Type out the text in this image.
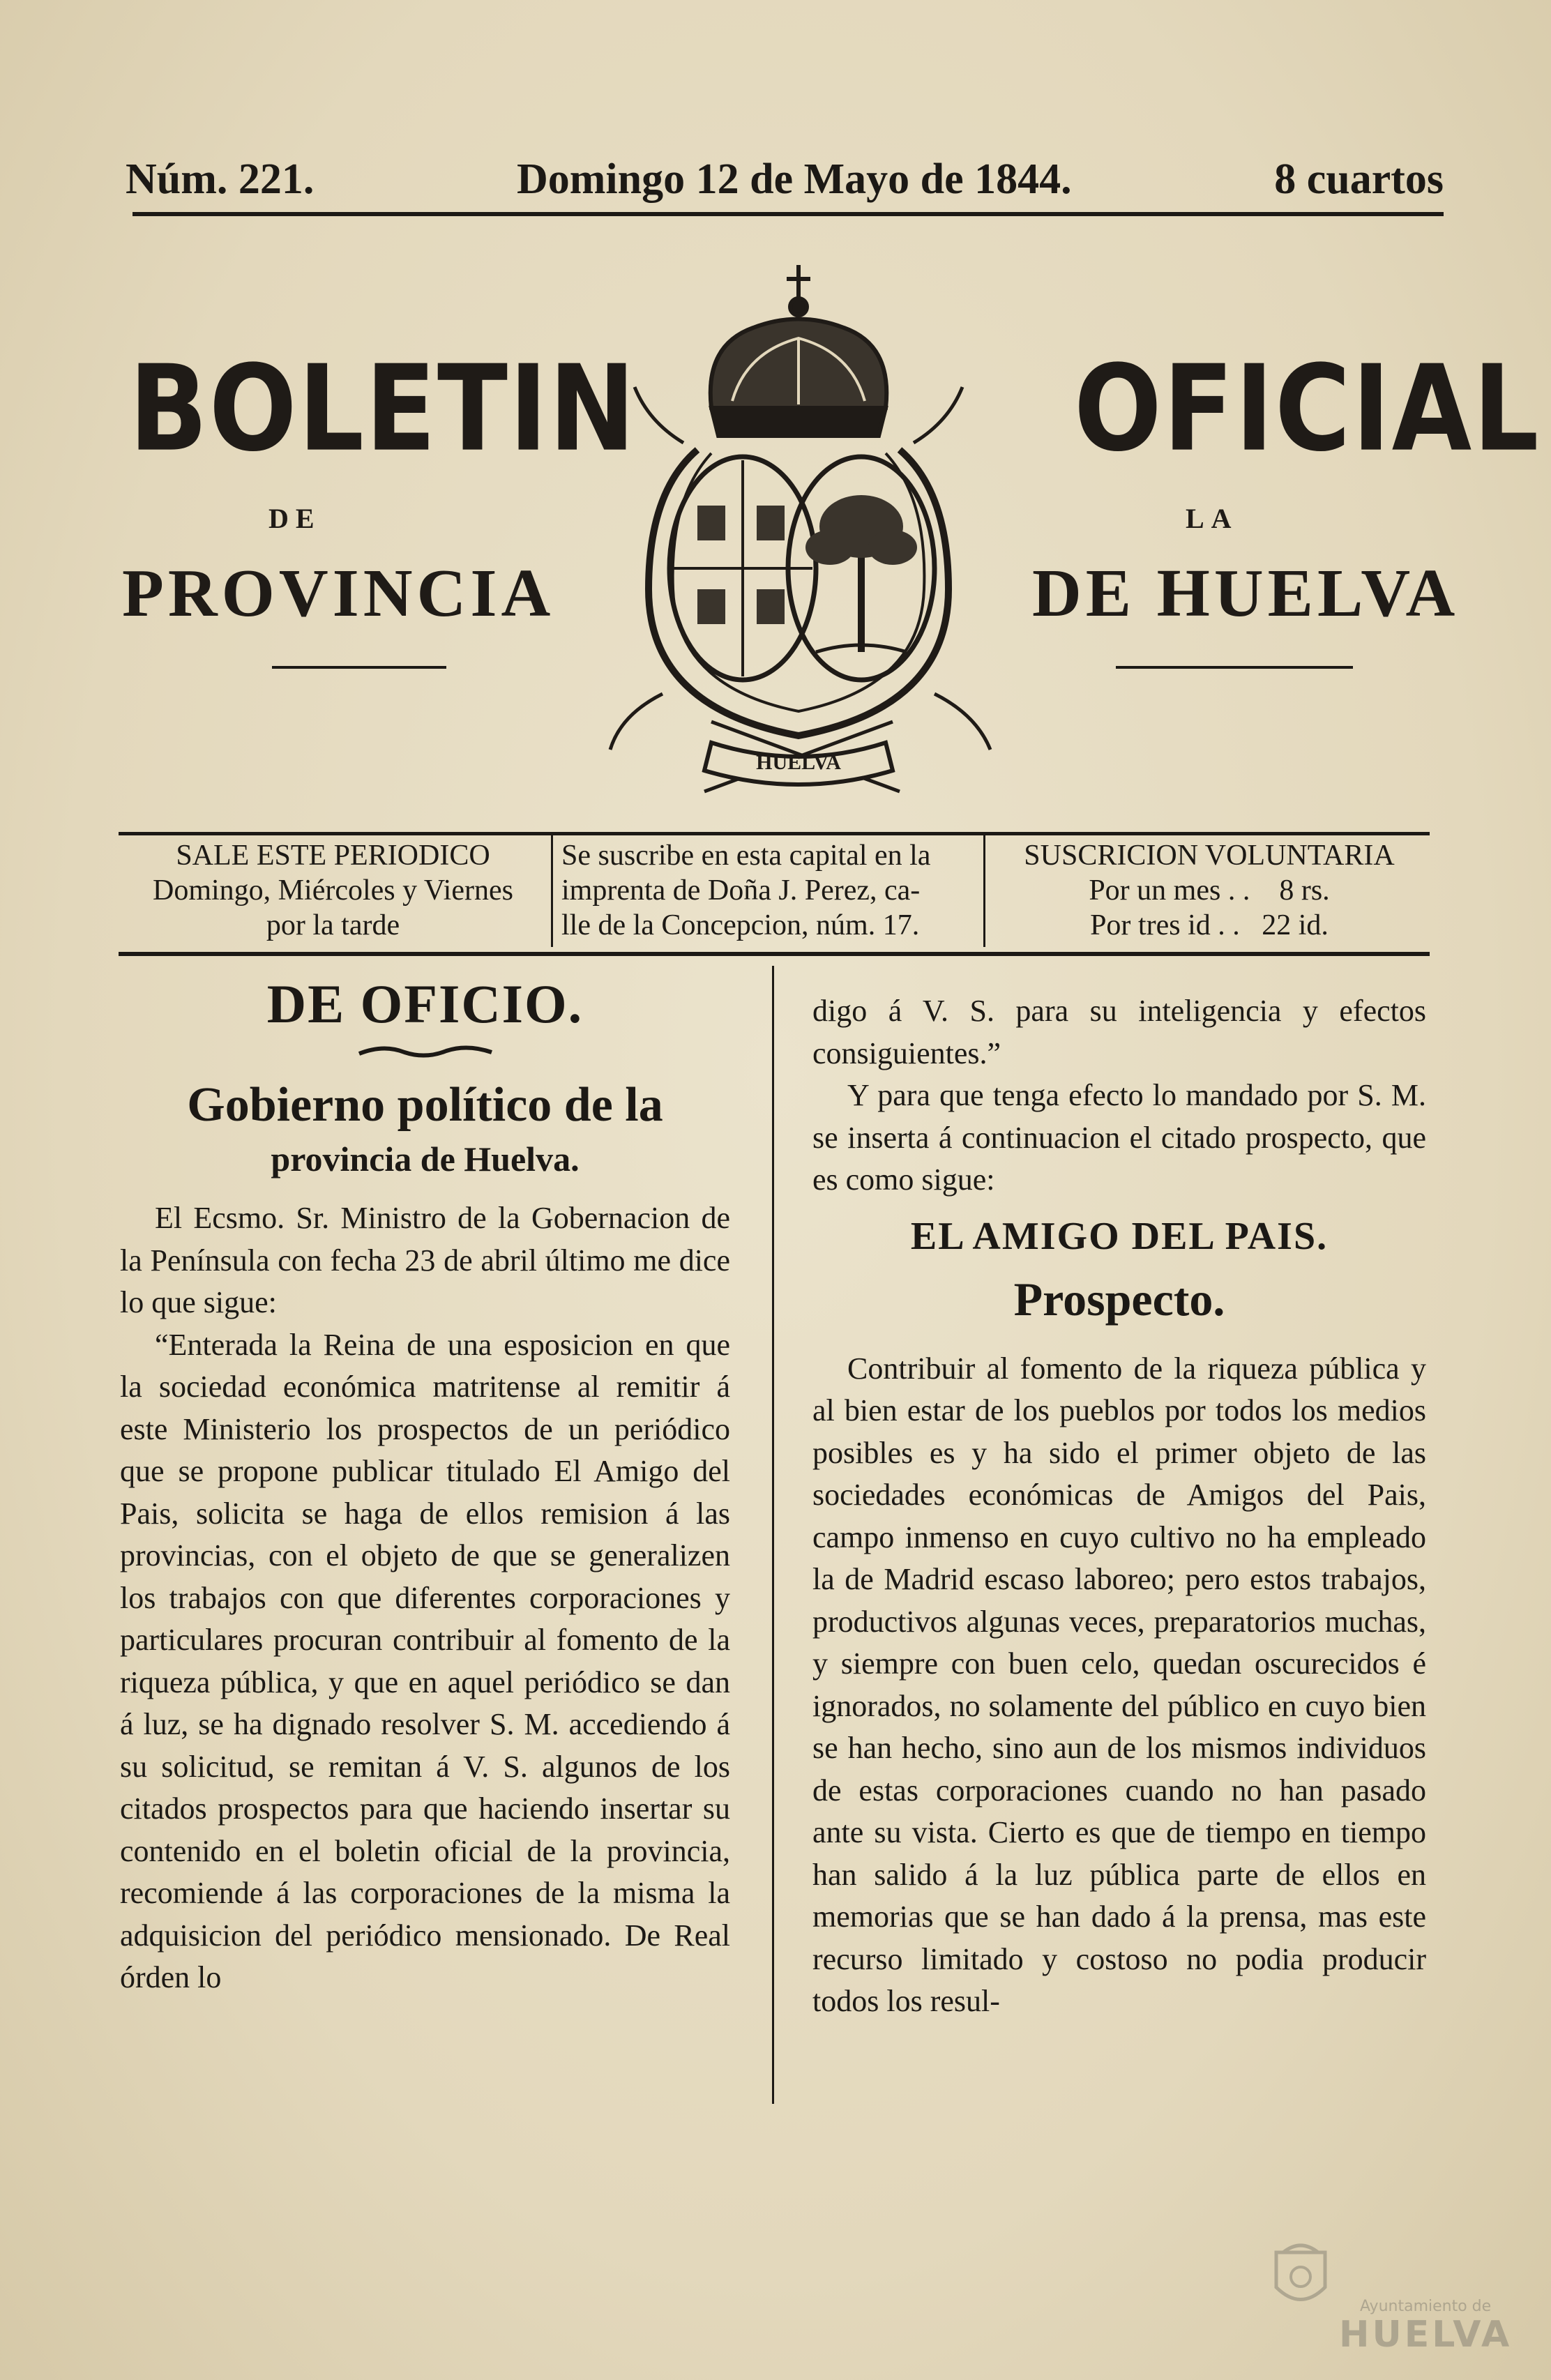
Núm. 221.	Domingo 12 de Mayo de 1844.	8 cuartos
BOLETIN	OFICIAL
DE	LA
PROVINCIA	DE HUELVA
HUELVA
SALE ESTE PERIODICO
Domingo, Miércoles y Viernes
por la tarde
Se suscribe en esta capital en la
imprenta de Doña J. Perez, ca-
lle de la Concepcion, núm. 17.
SUSCRICION VOLUNTARIA
Por un mes . .    8 rs.
Por tres id . .   22 id.
DE OFICIO.
Gobierno político de la
provincia de Huelva.

El Ecsmo. Sr. Ministro de la Gobernacion de la Península con fecha 23 de abril último me dice lo que sigue:

“Enterada la Reina de una esposicion en que la sociedad económica matritense al remitir á este Ministerio los prospectos de un periódico que se propone publicar titulado El Amigo del Pais, solicita se haga de ellos remision á las provincias, con el objeto de que se generalizen los trabajos con que diferentes corporaciones y particulares procuran contribuir al fomento de la riqueza pública, y que en aquel periódico se dan á luz, se ha dignado resolver S. M. accediendo á su solicitud, se remitan á V. S. algunos de los citados prospectos para que haciendo insertar su contenido en el boletin oficial de la provincia, recomiende á las corporaciones de la misma la adquisicion del periódico mensionado. De Real órden lo

digo á V. S. para su inteligencia y efectos consiguientes.”

Y para que tenga efecto lo mandado por S. M. se inserta á continuacion el citado prospecto, que es como sigue:

EL AMIGO DEL PAIS.
Prospecto.

Contribuir al fomento de la riqueza pública y al bien estar de los pueblos por todos los medios posibles es y ha sido el primer objeto de las sociedades económicas de Amigos del Pais, campo inmenso en cuyo cultivo no ha empleado la de Madrid escaso laboreo; pero estos trabajos, productivos algunas veces, preparatorios muchas, y siempre con buen celo, quedan oscurecidos é ignorados, no solamente del público en cuyo bien se han hecho, sino aun de los mismos individuos de estas corporaciones cuando no han pasado ante su vista. Cierto es que de tiempo en tiempo han salido á la luz pública parte de ellos en memorias que se han dado á la prensa, mas este recurso limitado y costoso no podia producir todos los resul-

Ayuntamiento de
HUELVA
